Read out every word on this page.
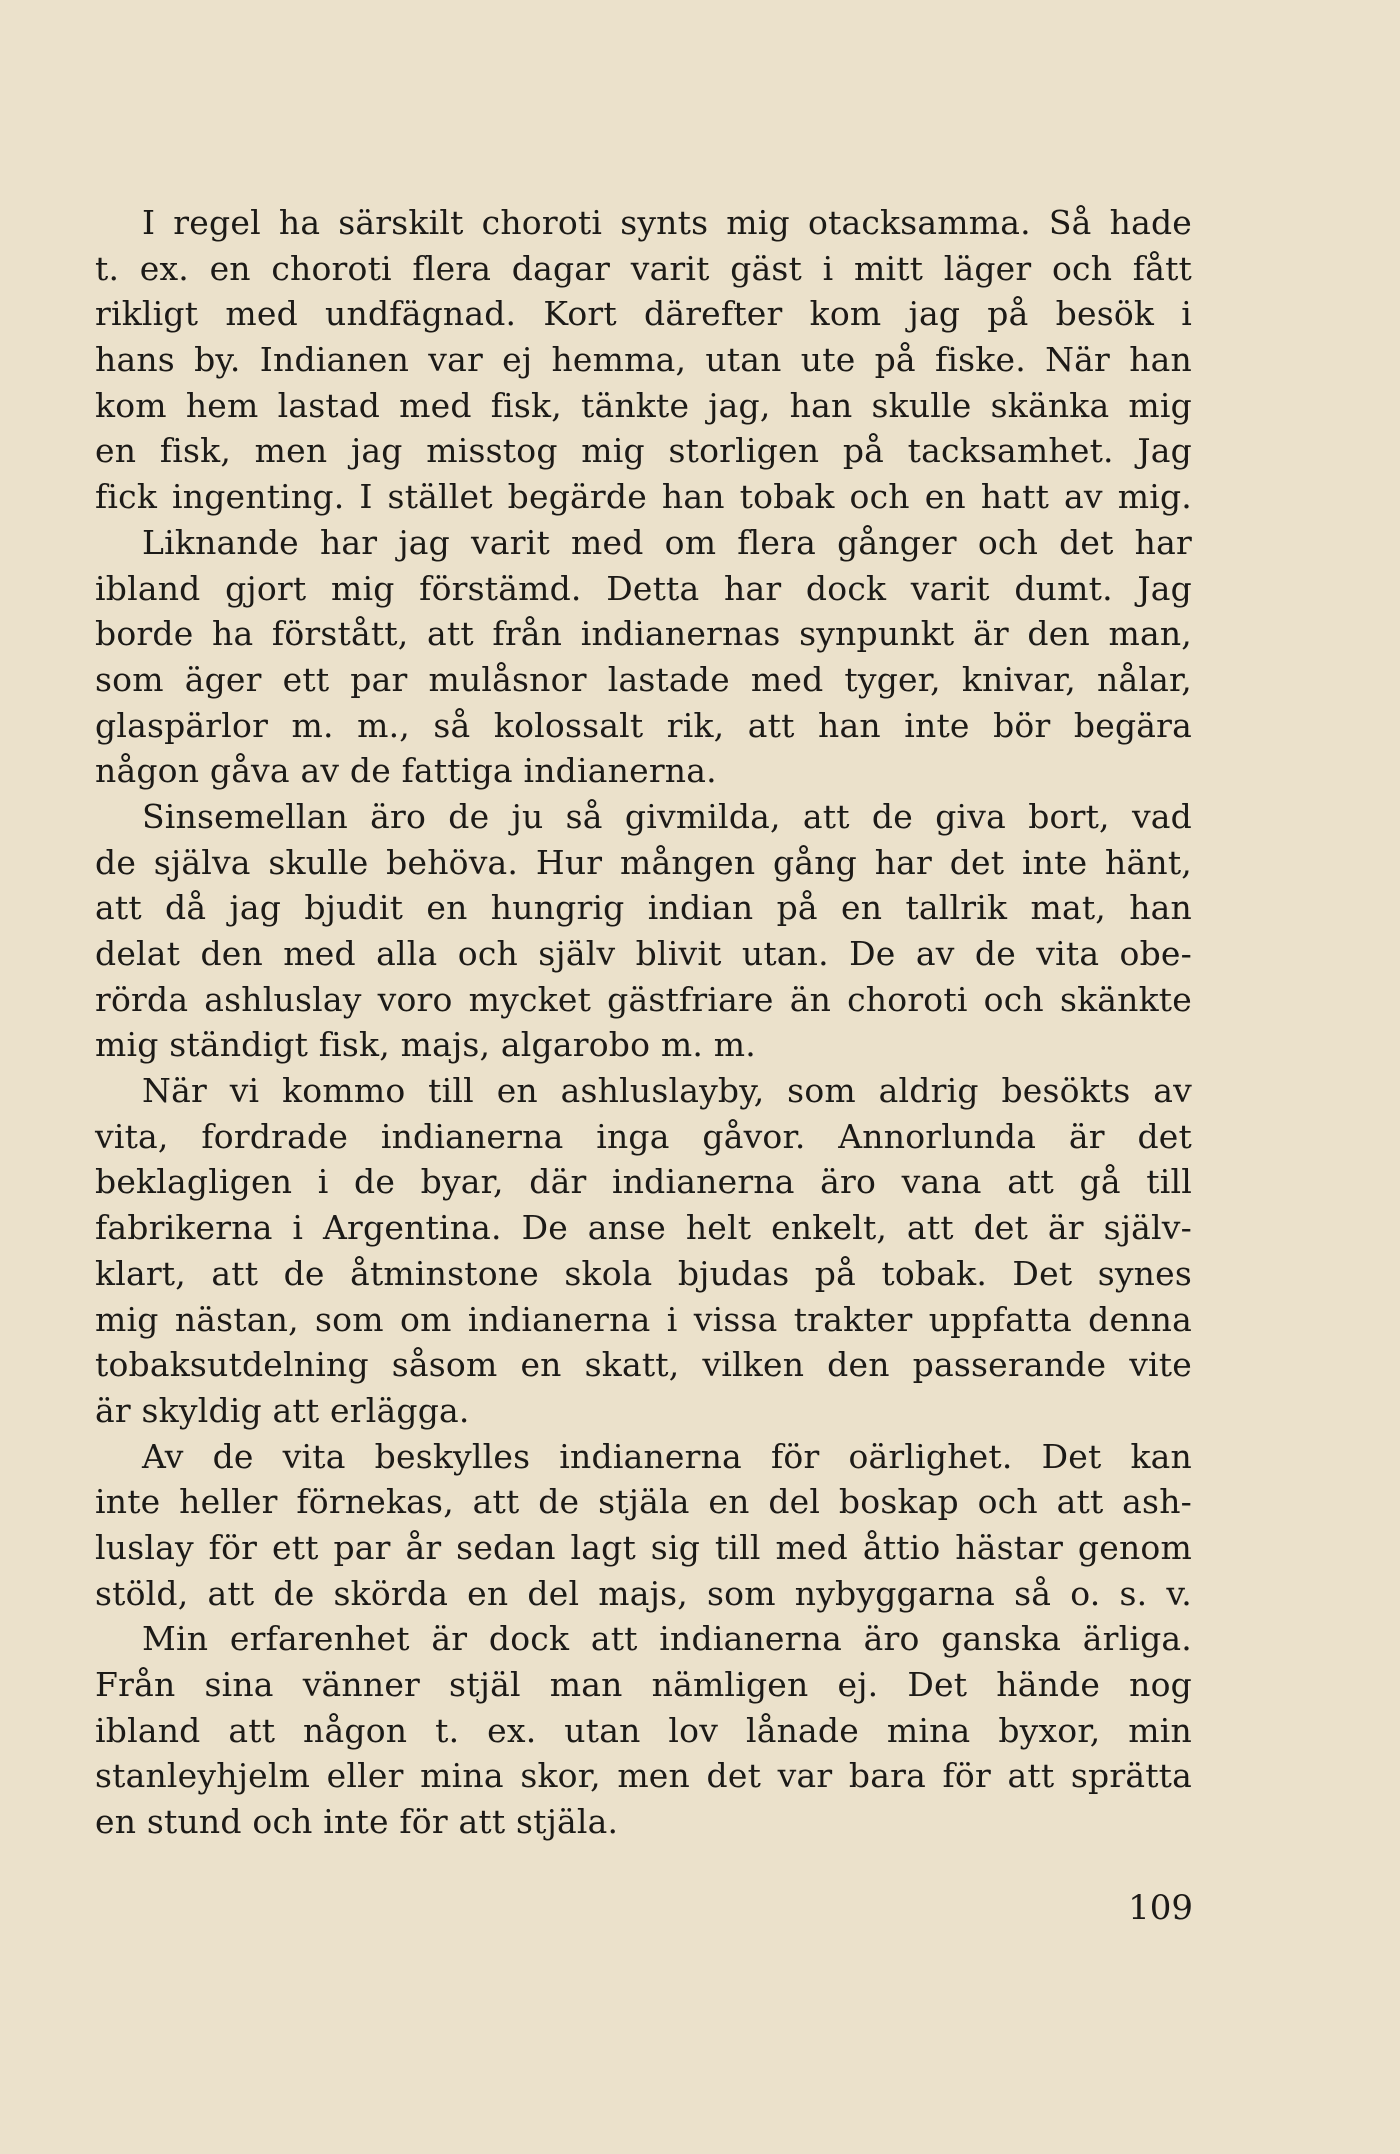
I regel ha särskilt choroti synts mig otacksamma. Så hade
t. ex. en choroti flera dagar varit gäst i mitt läger och fått
rikligt med undfägnad. Kort därefter kom jag på besök i
hans by. Indianen var ej hemma, utan ute på fiske. När han
kom hem lastad med fisk, tänkte jag, han skulle skänka mig
en fisk, men jag misstog mig storligen på tacksamhet. Jag
fick ingenting. I stället begärde han tobak och en hatt av mig.
Liknande har jag varit med om flera gånger och det har
ibland gjort mig förstämd. Detta har dock varit dumt. Jag
borde ha förstått, att från indianernas synpunkt är den man,
som äger ett par mulåsnor lastade med tyger, knivar, nålar,
glaspärlor m. m., så kolossalt rik, att han inte bör begära
någon gåva av de fattiga indianerna.
Sinsemellan äro de ju så givmilda, att de giva bort, vad
de själva skulle behöva. Hur mången gång har det inte hänt,
att då jag bjudit en hungrig indian på en tallrik mat, han
delat den med alla och själv blivit utan. De av de vita obe-
rörda ashluslay voro mycket gästfriare än choroti och skänkte
mig ständigt fisk, majs, algarobo m. m.
När vi kommo till en ashluslayby, som aldrig besökts av
vita, fordrade indianerna inga gåvor. Annorlunda är det
beklagligen i de byar, där indianerna äro vana att gå till
fabrikerna i Argentina. De anse helt enkelt, att det är själv-
klart, att de åtminstone skola bjudas på tobak. Det synes
mig nästan, som om indianerna i vissa trakter uppfatta denna
tobaksutdelning såsom en skatt, vilken den passerande vite
är skyldig att erlägga.
Av de vita beskylles indianerna för oärlighet. Det kan
inte heller förnekas, att de stjäla en del boskap och att ash-
luslay för ett par år sedan lagt sig till med åttio hästar genom
stöld, att de skörda en del majs, som nybyggarna så o. s. v.
Min erfarenhet är dock att indianerna äro ganska ärliga.
Från sina vänner stjäl man nämligen ej. Det hände nog
ibland att någon t. ex. utan lov lånade mina byxor, min
stanleyhjelm eller mina skor, men det var bara för att sprätta
en stund och inte för att stjäla.
109
